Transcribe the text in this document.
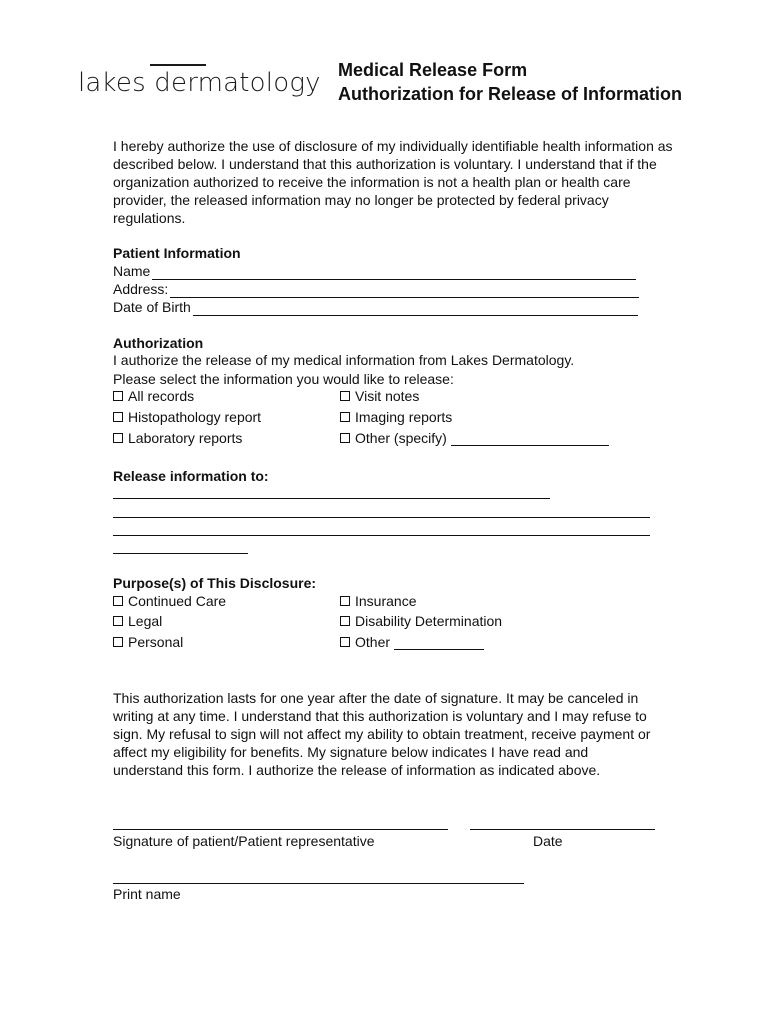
lakes dermatology Medical Release Form
Authorization for Release of Information
I hereby authorize the use of disclosure of my individually identifiable health information as described below. I understand that this authorization is voluntary. I understand that if the organization authorized to receive the information is not a health plan or health care provider, the released information may no longer be protected by federal privacy regulations.
Patient Information
Name
Address:
Date of Birth
Authorization
I authorize the release of my medical information from Lakes Dermatology.
Please select the information you would like to release:
All records	Visit notes
Histopathology report	Imaging reports
Laboratory reports	Other (specify)
Release information to:
Purpose(s) of This Disclosure:
Continued Care	Insurance
Legal	Disability Determination
Personal	Other
This authorization lasts for one year after the date of signature. It may be canceled in writing at any time. I understand that this authorization is voluntary and I may refuse to sign. My refusal to sign will not affect my ability to obtain treatment, receive payment or affect my eligibility for benefits. My signature below indicates I have read and understand this form. I authorize the release of information as indicated above.
Signature of patient/Patient representative	Date
Print name
